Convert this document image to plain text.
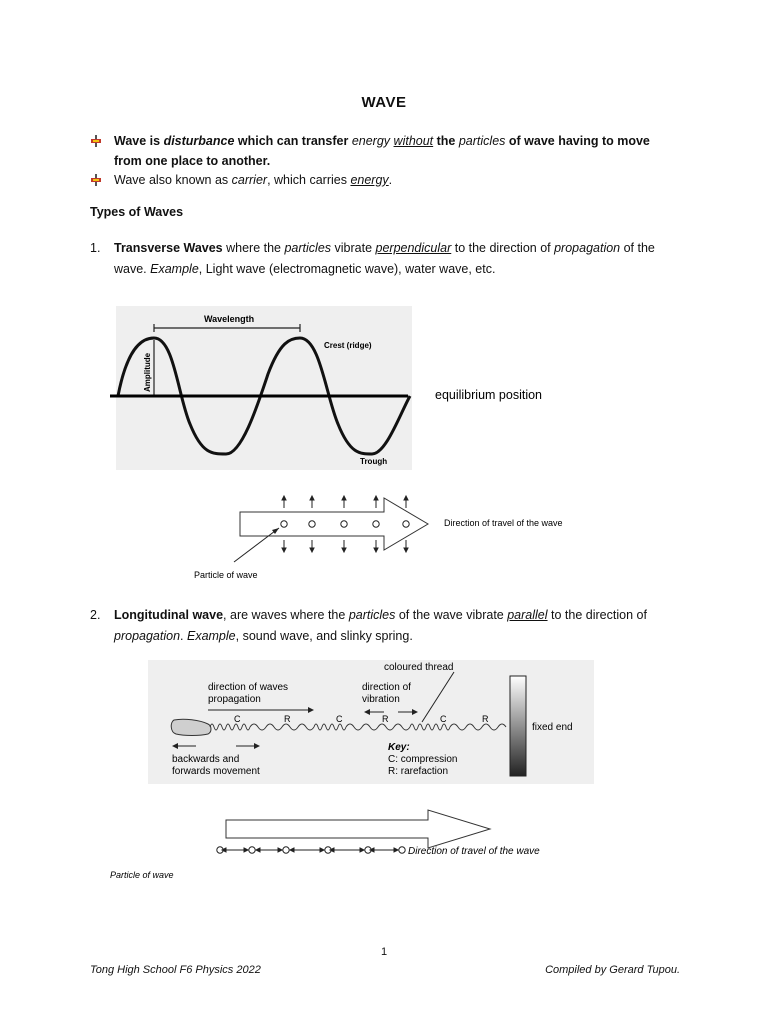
WAVE
Wave is disturbance which can transfer energy without the particles of wave having to move from one place to another.
Wave also known as carrier, which carries energy.
Types of Waves
1. Transverse Waves where the particles vibrate perpendicular to the direction of propagation of the wave. Example, Light wave (electromagnetic wave), water wave, etc.
Wavelength
Amplitude
Crest (ridge)
Trough
equilibrium position
Direction of travel of the wave
Particle of wave
2. Longitudinal wave, are waves where the particles of the wave vibrate parallel to the direction of propagation. Example, sound wave, and slinky spring.
coloured thread
direction of waves
propagation
direction of
vibration
C	R	C	R	C	R
fixed end
backwards and
forwards movement
Key:
C: compression
R: rarefaction
Direction of travel of the wave
Particle of wave
1
Tong High School F6 Physics 2022	Compiled by Gerard Tupou.
